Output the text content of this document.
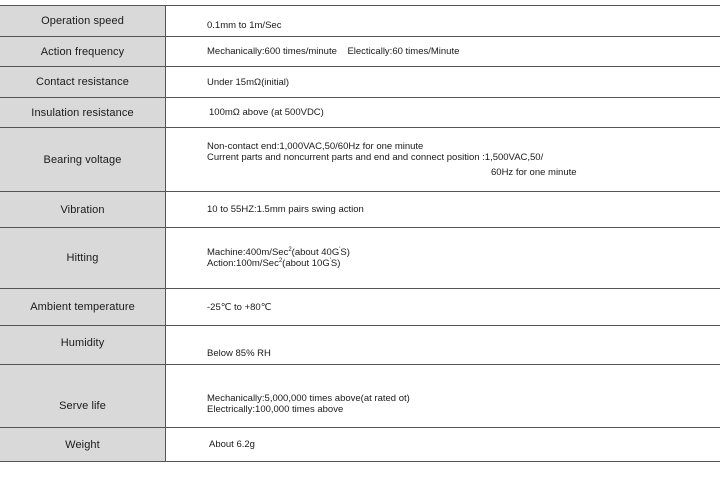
Operation speed	0.1mm to 1m/Sec
Action frequency	Mechanically:600 times/minute    Electically:60 times/Minute
Contact resistance	Under 15mΩ(initial)
Insulation resistance	100mΩ above (at 500VDC)
Bearing voltage	Non-contact end:1,000VAC,50/60Hz for one minute
Current parts and noncurrent parts and end and connect position :1,500VAC,50/
60Hz for one minute

Vibration	10 to 55HZ:1.5mm pairs swing action
Hitting	Machine:400m/Sec$^2$(about 40G'S)
Action:100m/Sec$^2$(about 10G'S)

Ambient temperature	-25℃ to +80℃
Humidity	Below 85% RH
Serve life	Mechanically:5,000,000 times above(at rated ot)
Electrically:100,000 times above

Weight	About 6.2g
